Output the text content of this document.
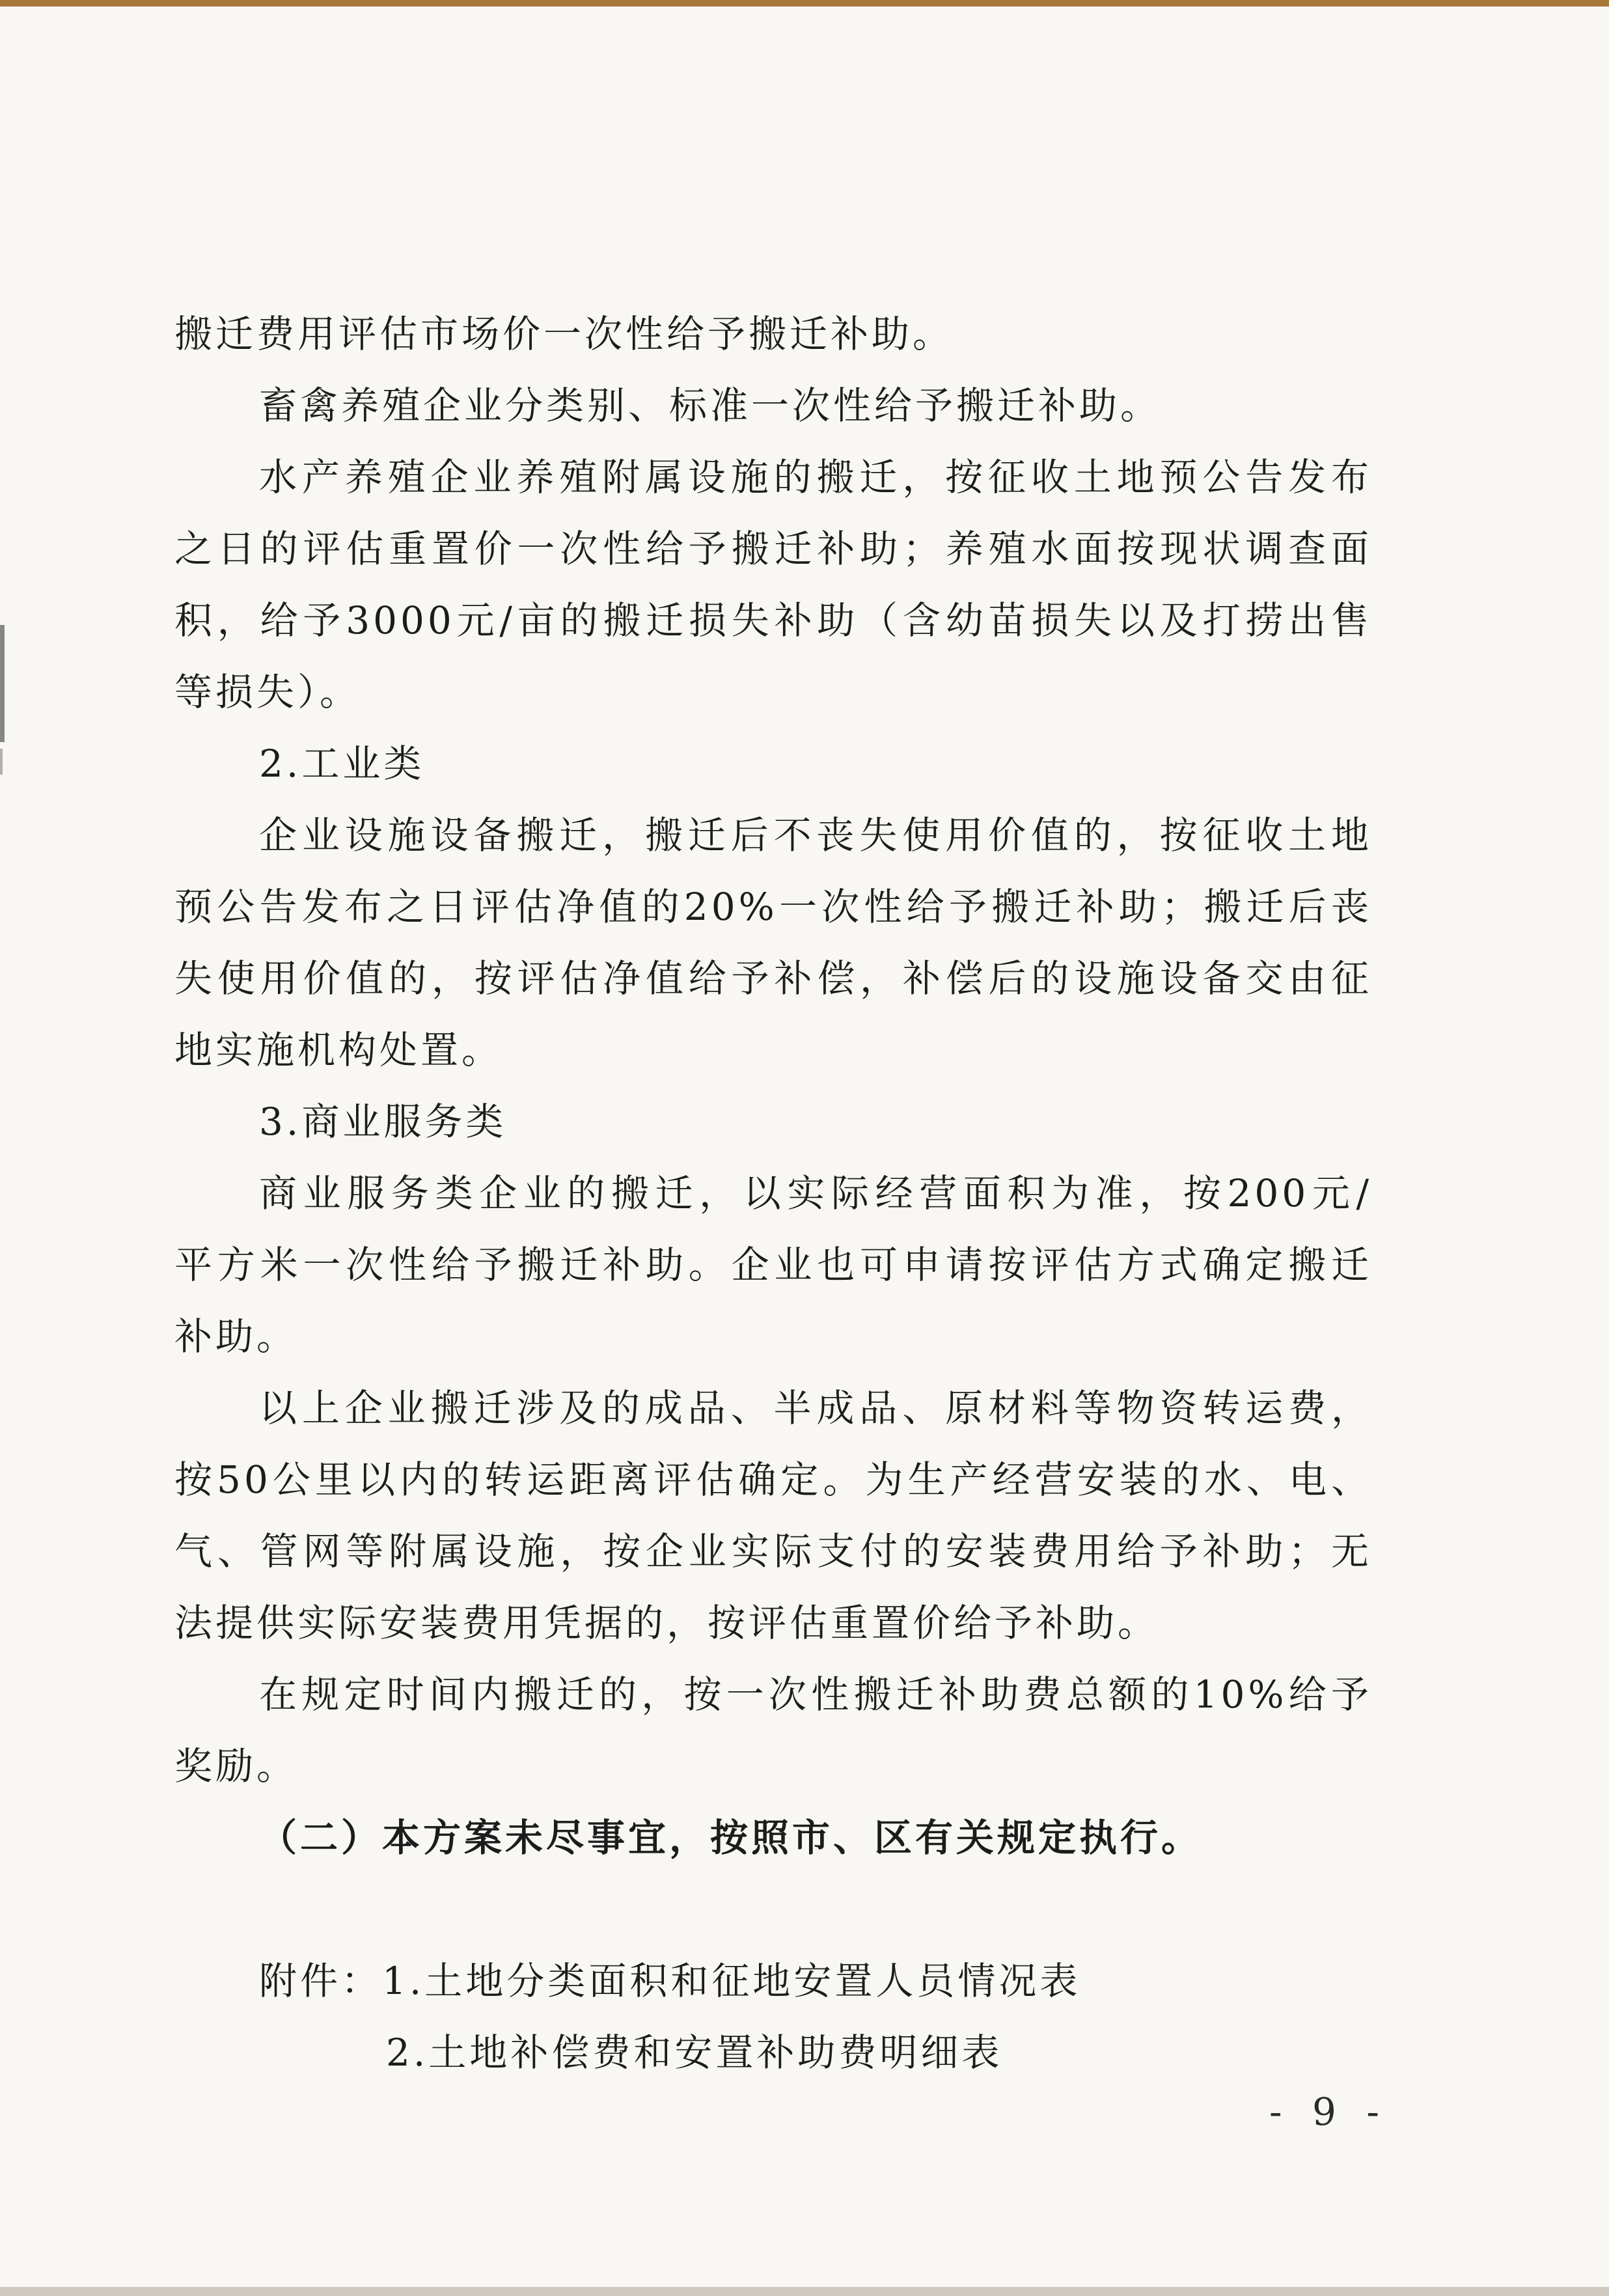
搬迁费用评估市场价一次性给予搬迁补助。
畜禽养殖企业分类别、标准一次性给予搬迁补助。
水产养殖企业养殖附属设施的搬迁，按征收土地预公告发布
之日的评估重置价一次性给予搬迁补助；养殖水面按现状调查面
积，给予3000元/亩的搬迁损失补助（含幼苗损失以及打捞出售
等损失）。
2.工业类
企业设施设备搬迁，搬迁后不丧失使用价值的，按征收土地
预公告发布之日评估净值的20%一次性给予搬迁补助；搬迁后丧
失使用价值的，按评估净值给予补偿，补偿后的设施设备交由征
地实施机构处置。
3.商业服务类
商业服务类企业的搬迁，以实际经营面积为准，按200元/
平方米一次性给予搬迁补助。企业也可申请按评估方式确定搬迁
补助。
以上企业搬迁涉及的成品、半成品、原材料等物资转运费，
按50公里以内的转运距离评估确定。为生产经营安装的水、电、
气、管网等附属设施，按企业实际支付的安装费用给予补助；无
法提供实际安装费用凭据的，按评估重置价给予补助。
在规定时间内搬迁的，按一次性搬迁补助费总额的10%给予
奖励。
（二）本方案未尽事宜，按照市、区有关规定执行。
附件：1.土地分类面积和征地安置人员情况表
2.土地补偿费和安置补助费明细表
- 9 -
